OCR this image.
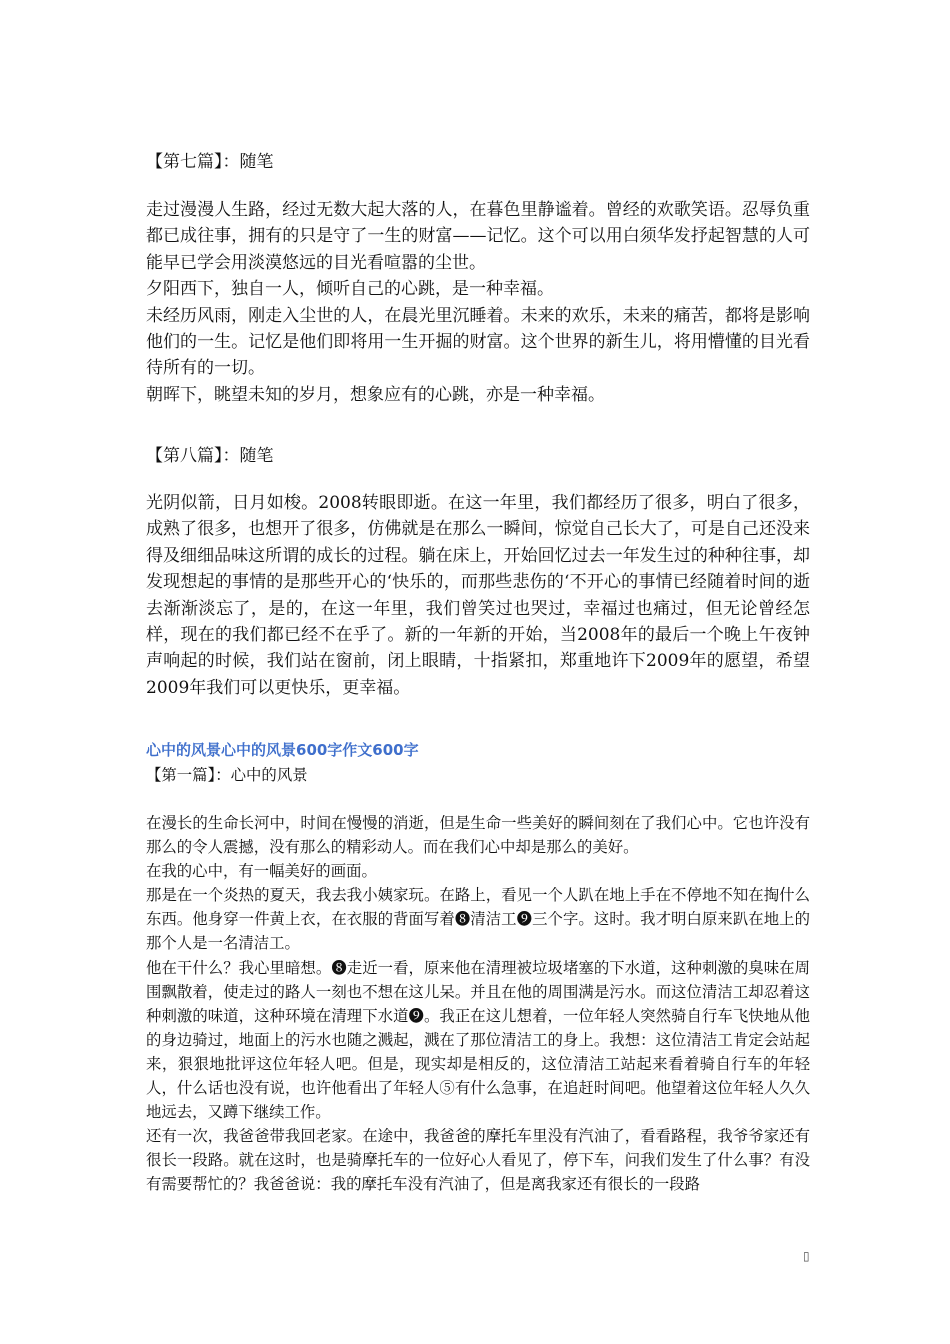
【第七篇】：随笔
走过漫漫人生路，经过无数大起大落的人，在暮色里静谧着。曾经的欢歌笑语。忍辱负重都已成往事，拥有的只是守了一生的财富——记忆。这个可以用白须华发抒起智慧的人可能早已学会用淡漠悠远的目光看喧嚣的尘世。
夕阳西下，独自一人，倾听自己的心跳，是一种幸福。
未经历风雨，刚走入尘世的人，在晨光里沉睡着。未来的欢乐，未来的痛苦，都将是影响他们的一生。记忆是他们即将用一生开掘的财富。这个世界的新生儿，将用懵懂的目光看待所有的一切。
朝晖下，眺望未知的岁月，想象应有的心跳，亦是一种幸福。
【第八篇】：随笔
光阴似箭，日月如梭。2008转眼即逝。在这一年里，我们都经历了很多，明白了很多，成熟了很多，也想开了很多，仿佛就是在那么一瞬间，惊觉自己长大了，可是自己还没来得及细细品味这所谓的成长的过程。躺在床上，开始回忆过去一年发生过的种种往事，却发现想起的事情的是那些开心的‘快乐的，而那些悲伤的‘不开心的事情已经随着时间的逝去渐渐淡忘了，是的，在这一年里，我们曾笑过也哭过，幸福过也痛过，但无论曾经怎样，现在的我们都已经不在乎了。新的一年新的开始，当2008年的最后一个晚上午夜钟声响起的时候，我们站在窗前，闭上眼睛，十指紧扣，郑重地许下2009年的愿望，希望2009年我们可以更快乐，更幸福。
心中的风景心中的风景600字作文600字
【第一篇】：心中的风景
在漫长的生命长河中，时间在慢慢的消逝，但是生命一些美好的瞬间刻在了我们心中。它也许没有那么的令人震撼，没有那么的精彩动人。而在我们心中却是那么的美好。
在我的心中，有一幅美好的画面。
那是在一个炎热的夏天，我去我小姨家玩。在路上，看见一个人趴在地上手在不停地不知在掏什么东西。他身穿一件黄上衣，在衣服的背面写着❽清洁工❾三个字。这时。我才明白原来趴在地上的那个人是一名清洁工。
他在干什么？我心里暗想。❽走近一看，原来他在清理被垃圾堵塞的下水道，这种刺激的臭味在周围飘散着，使走过的路人一刻也不想在这儿呆。并且在他的周围满是污水。而这位清洁工却忍着这种刺激的味道，这种环境在清理下水道❾。我正在这儿想着，一位年轻人突然骑自行车飞快地从他的身边骑过，地面上的污水也随之溅起，溅在了那位清洁工的身上。我想：这位清洁工肯定会站起来，狠狠地批评这位年轻人吧。但是，现实却是相反的，这位清洁工站起来看着骑自行车的年轻人，什么话也没有说，也许他看出了年轻人⑤有什么急事，在追赶时间吧。他望着这位年轻人久久地远去，又蹲下继续工作。
还有一次，我爸爸带我回老家。在途中，我爸爸的摩托车里没有汽油了，看看路程，我爷爷家还有很长一段路。就在这时，也是骑摩托车的一位好心人看见了，停下车，问我们发生了什么事？有没有需要帮忙的？我爸爸说：我的摩托车没有汽油了，但是离我家还有很长的一段路
▯
